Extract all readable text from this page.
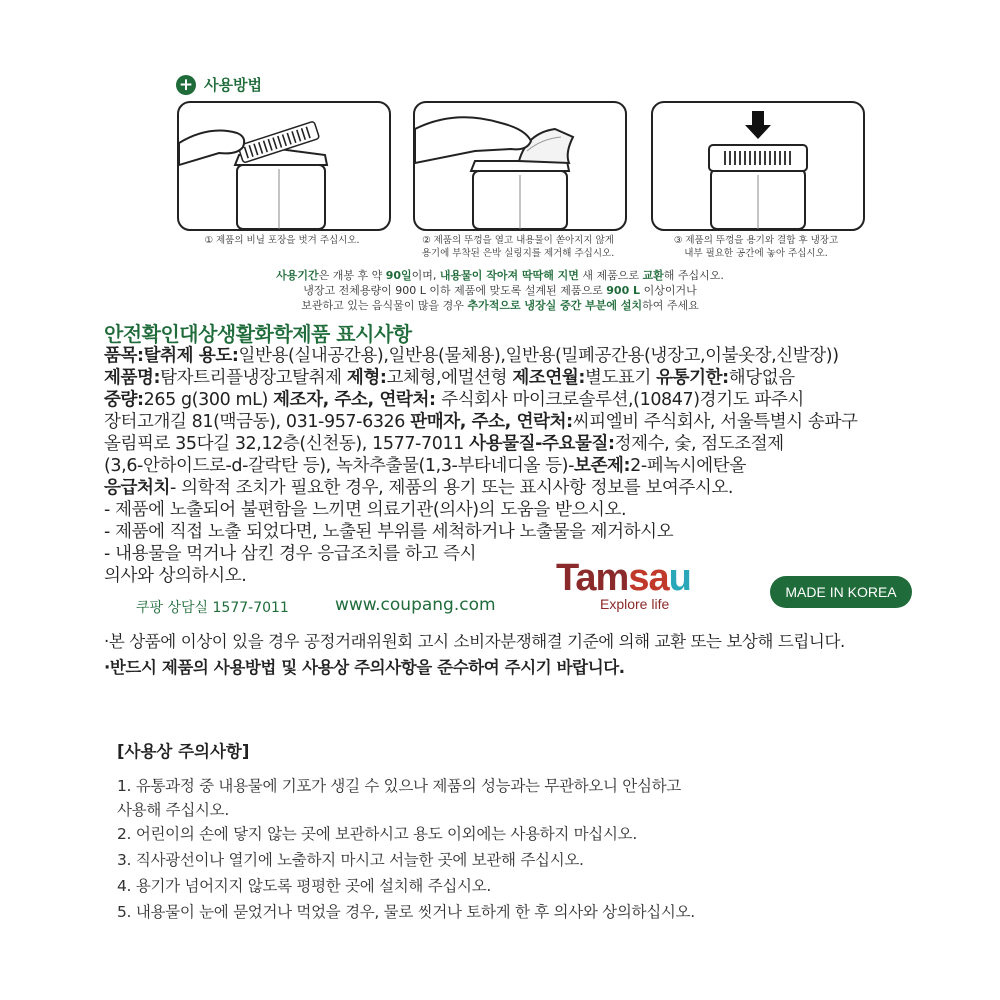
+ 사용방법
① 제품의 비닐 포장을 벗겨 주십시오.	② 제품의 뚜껑을 열고 내용물이 쏟아지지 않게
용기에 부착된 은박 실링지를 제거해 주십시오.
③ 제품의 뚜껑을 용기와 결합 후 냉장고
내부 필요한 공간에 놓아 주십시오.
사용기간은 개봉 후 약 90일이며, 내용물이 작아져 딱딱해 지면 새 제품으로 교환해 주십시오.
냉장고 전체용량이 900 L 이하 제품에 맞도록 설계된 제품으로 900 L 이상이거나
보관하고 있는 음식물이 많을 경우 추가적으로 냉장실 중간 부분에 설치하여 주세요
안전확인대상생활화학제품 표시사항
품목:탈취제 용도:일반용(실내공간용),일반용(물체용),일반용(밀폐공간용(냉장고,이불옷장,신발장))
제품명:탐자트리플냉장고탈취제 제형:고체형,에멀션형 제조연월:별도표기 유통기한:해당없음
중량:265 g(300 mL) 제조자, 주소, 연락처: 주식회사 마이크로솔루션,(10847)경기도 파주시
장터고개길 81(맥금동), 031-957-6326 판매자, 주소, 연락처:씨피엘비 주식회사, 서울특별시 송파구
올림픽로 35다길 32,12층(신천동), 1577-7011 사용물질-주요물질:정제수, 숯, 점도조절제
(3,6-안하이드로-d-갈락탄 등), 녹차추출물(1,3-부타네디올 등)-보존제:2-페녹시에탄올
응급처치- 의학적 조치가 필요한 경우, 제품의 용기 또는 표시사항 정보를 보여주시오.
- 제품에 노출되어 불편함을 느끼면 의료기관(의사)의 도움을 받으시오.
- 제품에 직접 노출 되었다면, 노출된 부위를 세척하거나 노출물을 제거하시오
- 내용물을 먹거나 삼킨 경우 응급조치를 하고 즉시
의사와 상의하시오.
쿠팡 상담실 1577-7011	www.coupang.com
Tamsau
Explore life
MADE IN KOREA
·본 상품에 이상이 있을 경우 공정거래위원회 고시 소비자분쟁해결 기준에 의해 교환 또는 보상해 드립니다.
·반드시 제품의 사용방법 및 사용상 주의사항을 준수하여 주시기 바랍니다.
[사용상 주의사항]
1. 유통과정 중 내용물에 기포가 생길 수 있으나 제품의 성능과는 무관하오니 안심하고
사용해 주십시오.
2. 어린이의 손에 닿지 않는 곳에 보관하시고 용도 이외에는 사용하지 마십시오.
3. 직사광선이나 열기에 노출하지 마시고 서늘한 곳에 보관해 주십시오.
4. 용기가 넘어지지 않도록 평평한 곳에 설치해 주십시오.
5. 내용물이 눈에 묻었거나 먹었을 경우, 물로 씻거나 토하게 한 후 의사와 상의하십시오.
